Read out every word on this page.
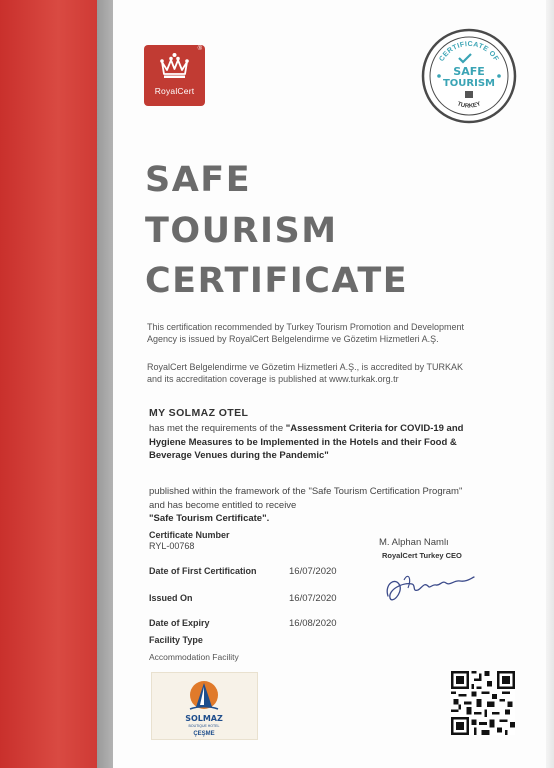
®
RoyalCert
CERTIFICATE OF
SAFE
TOURISM
TURKEY
SAFE
TOURISM
CERTIFICATE
This certification recommended by Turkey Tourism Promotion and Development Agency is issued by RoyalCert Belgelendirme ve Gözetim Hizmetleri A.Ş.
RoyalCert Belgelendirme ve Gözetim Hizmetleri A.Ş., is accredited by TURKAK and its accreditation coverage is published at www.turkak.org.tr
MY SOLMAZ OTEL
has met the requirements of the "Assessment Criteria for COVID-19 and Hygiene Measures to be Implemented in the Hotels and their Food & Beverage Venues during the Pandemic"
published within the framework of the "Safe Tourism Certification Program" and has become entitled to receive
"Safe Tourism Certificate".
Certificate Number
RYL-00768	M. Alphan Namlı
RoyalCert Turkey CEO
Date of First Certification	16/07/2020
Issued On	16/07/2020
Date of Expiry	16/08/2020
Facility Type
Accommodation Facility
SOLMAZ
BOUTIQUE HOTEL
ÇEŞME
